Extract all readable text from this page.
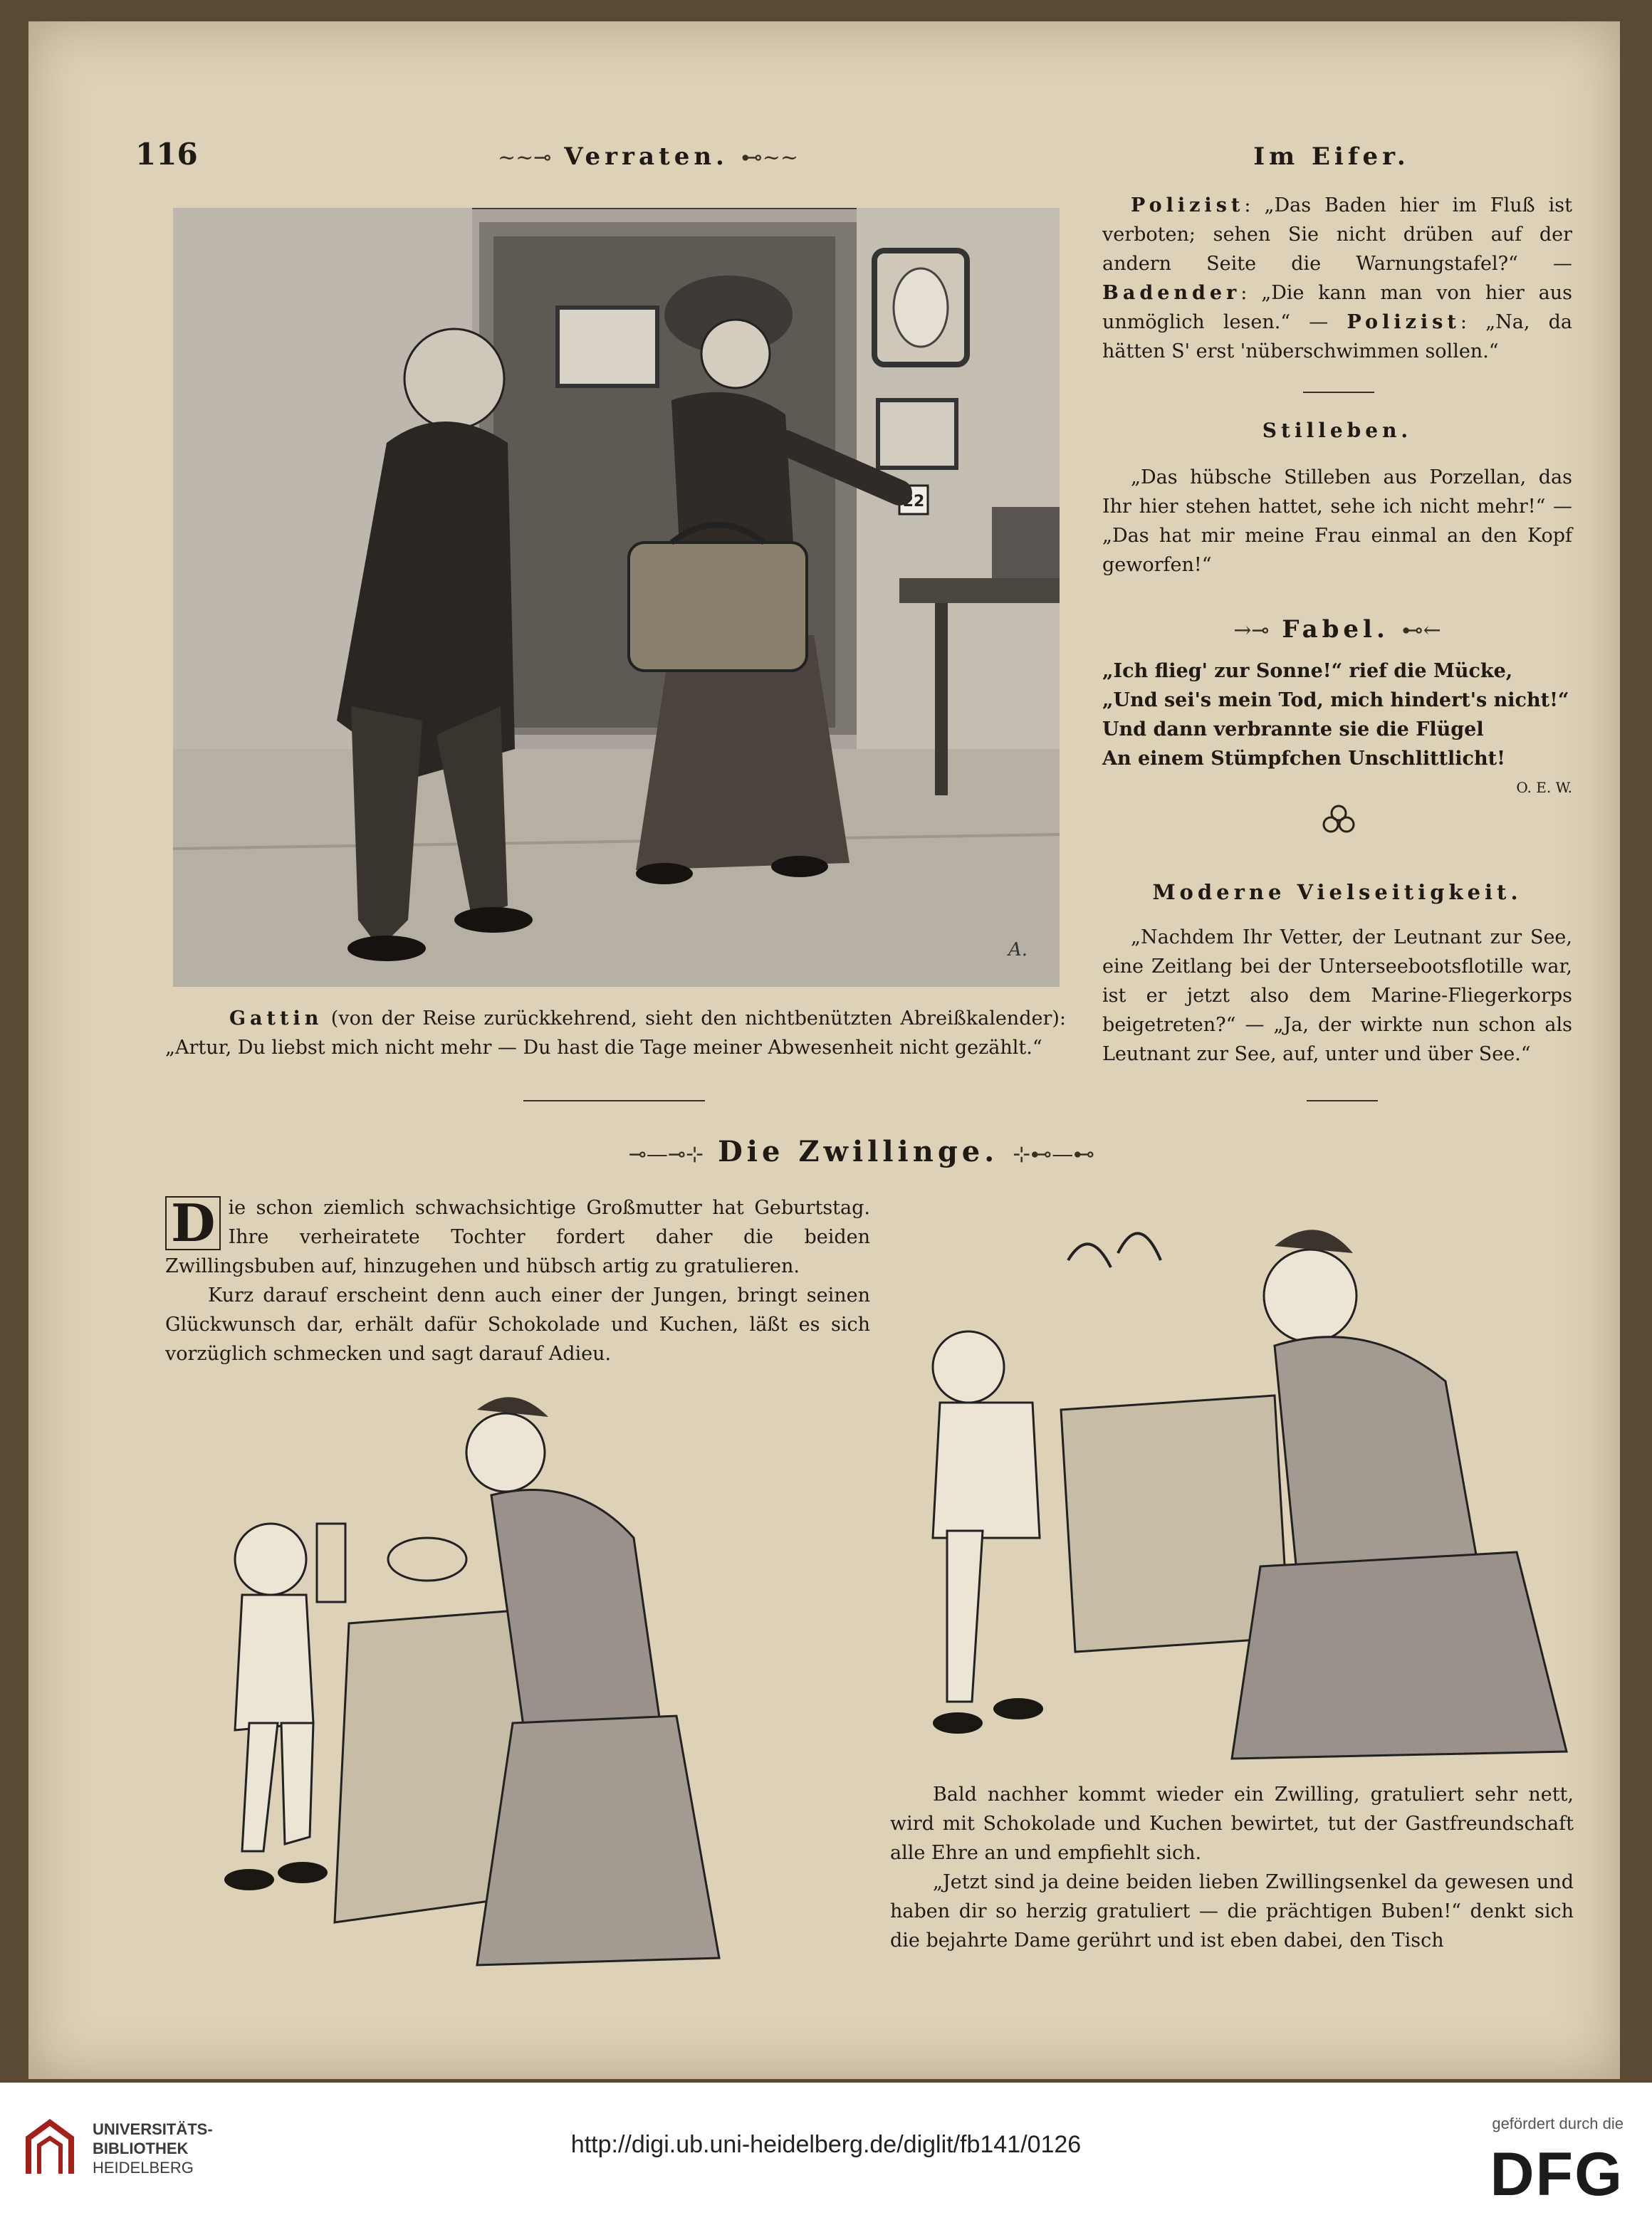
116	~~⊸ Verraten. ⊷~~	Im Eifer.
22
A.

Gattin (von der Reise zurückkehrend, sieht den nichtbenützten Abreißkalender): „Artur, Du liebst mich nicht mehr — Du hast die Tage meiner Abwesenheit nicht gezählt.“

Polizist: „Das Baden hier im Fluß ist verboten; sehen Sie nicht drüben auf der andern Seite die Warnungstafel?“ — Badender: „Die kann man von hier aus unmöglich lesen.“ — Polizist: „Na, da hätten S' erst 'nüberschwimmen sollen.“

Stilleben.

„Das hübsche Stilleben aus Porzellan, das Ihr hier stehen hattet, sehe ich nicht mehr!“ — „Das hat mir meine Frau einmal an den Kopf geworfen!“

→⊸ Fabel. ⊷←
„Ich flieg' zur Sonne!“ rief die Mücke,
„Und sei's mein Tod, mich hindert's nicht!“
Und dann verbrannte sie die Flügel
An einem Stümpfchen Unschlittlicht!
O. E. W.
Moderne Vielseitigkeit.

„Nachdem Ihr Vetter, der Leutnant zur See, eine Zeitlang bei der Unterseebootsflotille war, ist er jetzt also dem Marine-Fliegerkorps beigetreten?“ — „Ja, der wirkte nun schon als Leutnant zur See, auf, unter und über See.“

⊸—⊸⊹ Die Zwillinge. ⊹⊷—⊷

D ie schon ziemlich schwachsichtige Großmutter hat Geburtstag. Ihre verheiratete Tochter fordert daher die beiden Zwillingsbuben auf, hinzugehen und hübsch artig zu gratulieren.

Kurz darauf erscheint denn auch einer der Jungen, bringt seinen Glückwunsch dar, erhält dafür Schokolade und Kuchen, läßt es sich vorzüglich schmecken und sagt darauf Adieu.

Bald nachher kommt wieder ein Zwilling, gratuliert sehr nett, wird mit Schokolade und Kuchen bewirtet, tut der Gastfreundschaft alle Ehre an und empfiehlt sich.

„Jetzt sind ja deine beiden lieben Zwillingsenkel da gewesen und haben dir so herzig gratuliert — die prächtigen Buben!“ denkt sich die bejahrte Dame gerührt und ist eben dabei, den Tisch

UNIVERSITÄTS-
BIBLIOTHEK
HEIDELBERG
http://digi.ub.uni-heidelberg.de/diglit/fb141/0126
gefördert durch die
DFG
